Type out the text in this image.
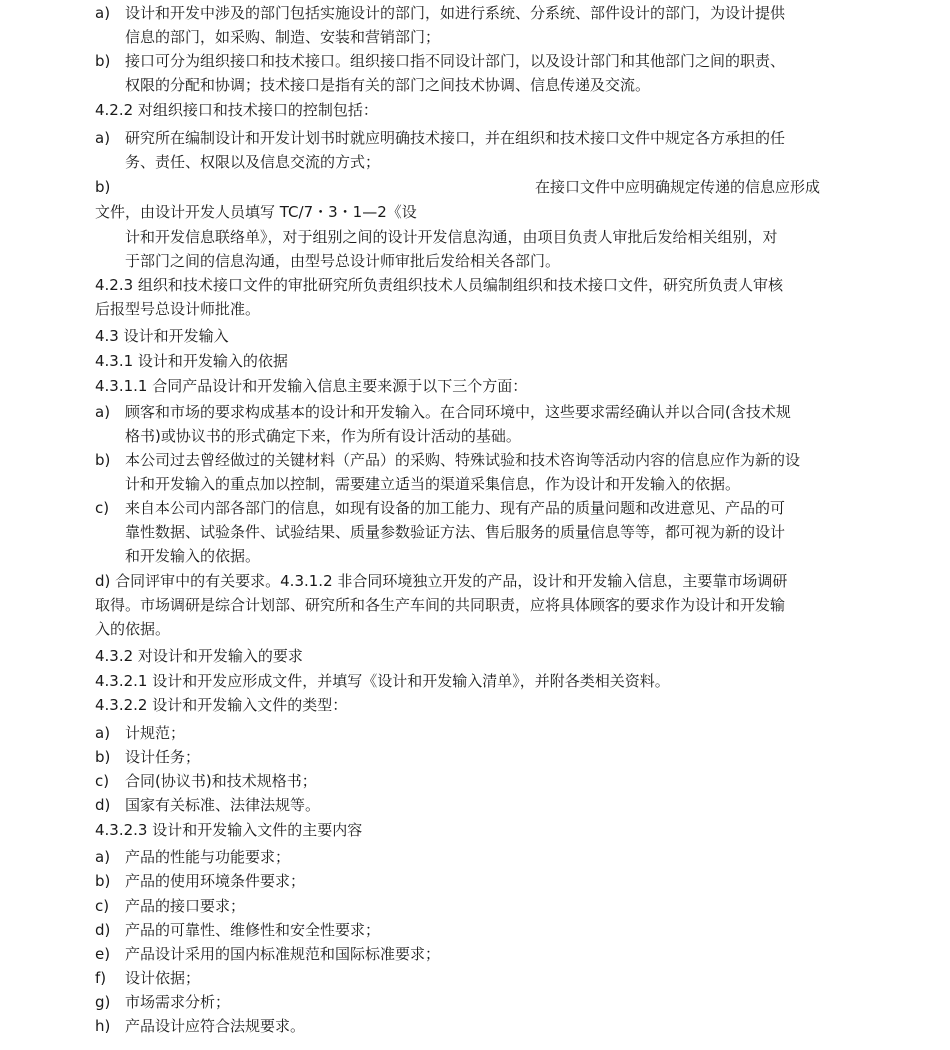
a) 设计和开发中涉及的部门包括实施设计的部门，如进行系统、分系统、部件设计的部门，为设计提供
信息的部门，如采购、制造、安装和营销部门；
b) 接口可分为组织接口和技术接口。组织接口指不同设计部门，以及设计部门和其他部门之间的职责、
权限的分配和协调；技术接口是指有关的部门之间技术协调、信息传递及交流。
4.2.2 对组织接口和技术接口的控制包括：
a) 研究所在编制设计和开发计划书时就应明确技术接口，并在组织和技术接口文件中规定各方承担的任
务、责任、权限以及信息交流的方式；
b)	在接口文件中应明确规定传递的信息应形成
文件，由设计开发人员填写 TC/7・3・1—2《设
计和开发信息联络单》，对于组别之间的设计开发信息沟通，由项目负责人审批后发给相关组别，对
于部门之间的信息沟通，由型号总设计师审批后发给相关各部门。
4.2.3 组织和技术接口文件的审批研究所负责组织技术人员编制组织和技术接口文件，研究所负责人审核
后报型号总设计师批准。
4.3 设计和开发输入
4.3.1 设计和开发输入的依据
4.3.1.1 合同产品设计和开发输入信息主要来源于以下三个方面：
a) 顾客和市场的要求构成基本的设计和开发输入。在合同环境中，这些要求需经确认并以合同(含技术规
格书)或协议书的形式确定下来，作为所有设计活动的基础。
b) 本公司过去曾经做过的关键材料（产品）的采购、特殊试验和技术咨询等活动内容的信息应作为新的设
计和开发输入的重点加以控制，需要建立适当的渠道采集信息，作为设计和开发输入的依据。
c)	来自本公司内部各部门的信息，如现有设备的加工能力、现有产品的质量问题和改进意见、产品的可
靠性数据、试验条件、试验结果、质量参数验证方法、售后服务的质量信息等等，都可视为新的设计
和开发输入的依据。
d) 合同评审中的有关要求。4.3.1.2 非合同环境独立开发的产品，设计和开发输入信息，主要靠市场调研
取得。市场调研是综合计划部、研究所和各生产车间的共同职责，应将具体顾客的要求作为设计和开发输
入的依据。
4.3.2 对设计和开发输入的要求
4.3.2.1 设计和开发应形成文件，并填写《设计和开发输入清单》，并附各类相关资料。
4.3.2.2 设计和开发输入文件的类型：
a) 计规范；
b) 设计任务；
c)	合同(协议书)和技术规格书；
d) 国家有关标准、法律法规等。
4.3.2.3 设计和开发输入文件的主要内容
a) 产品的性能与功能要求；
b) 产品的使用环境条件要求；
c)	产品的接口要求；
d) 产品的可靠性、维修性和安全性要求；
e) 产品设计采用的国内标准规范和国际标准要求；
f)	设计依据；
g) 市场需求分析；
h) 产品设计应符合法规要求。
